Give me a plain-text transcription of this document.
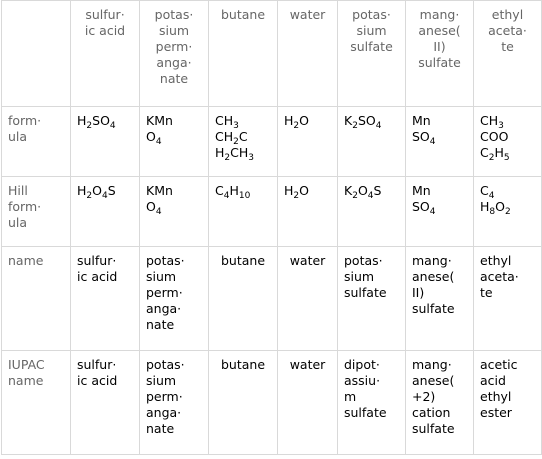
	sulfur·
ic acid	potas·
sium
perm·
anga·
nate	butane	water	potas·
sium
sulfate	mang·
anese(
II)
sulfate	ethyl
aceta·
te
form·
ula	$H_2SO_4$	KMn
$O_4$	$CH_3$
$CH_2C$
$H_2CH_3$	$H_2O$	$K_2SO_4$	Mn
$SO_4$	$CH_3$
COO
$C_2H_5$
Hill
form·
ula	$H_2O_4S$	KMn
$O_4$	$C_4H_{10}$	$H_2O$	$K_2O_4S$	Mn
$SO_4$	$C_4$
$H_8O_2$
name	sulfur·
ic acid	potas·
sium
perm·
anga·
nate	butane	water	potas·
sium
sulfate	mang·
anese(
II)
sulfate	ethyl
aceta·
te
IUPAC
name	sulfur·
ic acid	potas·
sium
perm·
anga·
nate	butane	water	dipot·
assiu·
m
sulfate	mang·
anese(
+2)
cation
sulfate	acetic
acid
ethyl
ester
